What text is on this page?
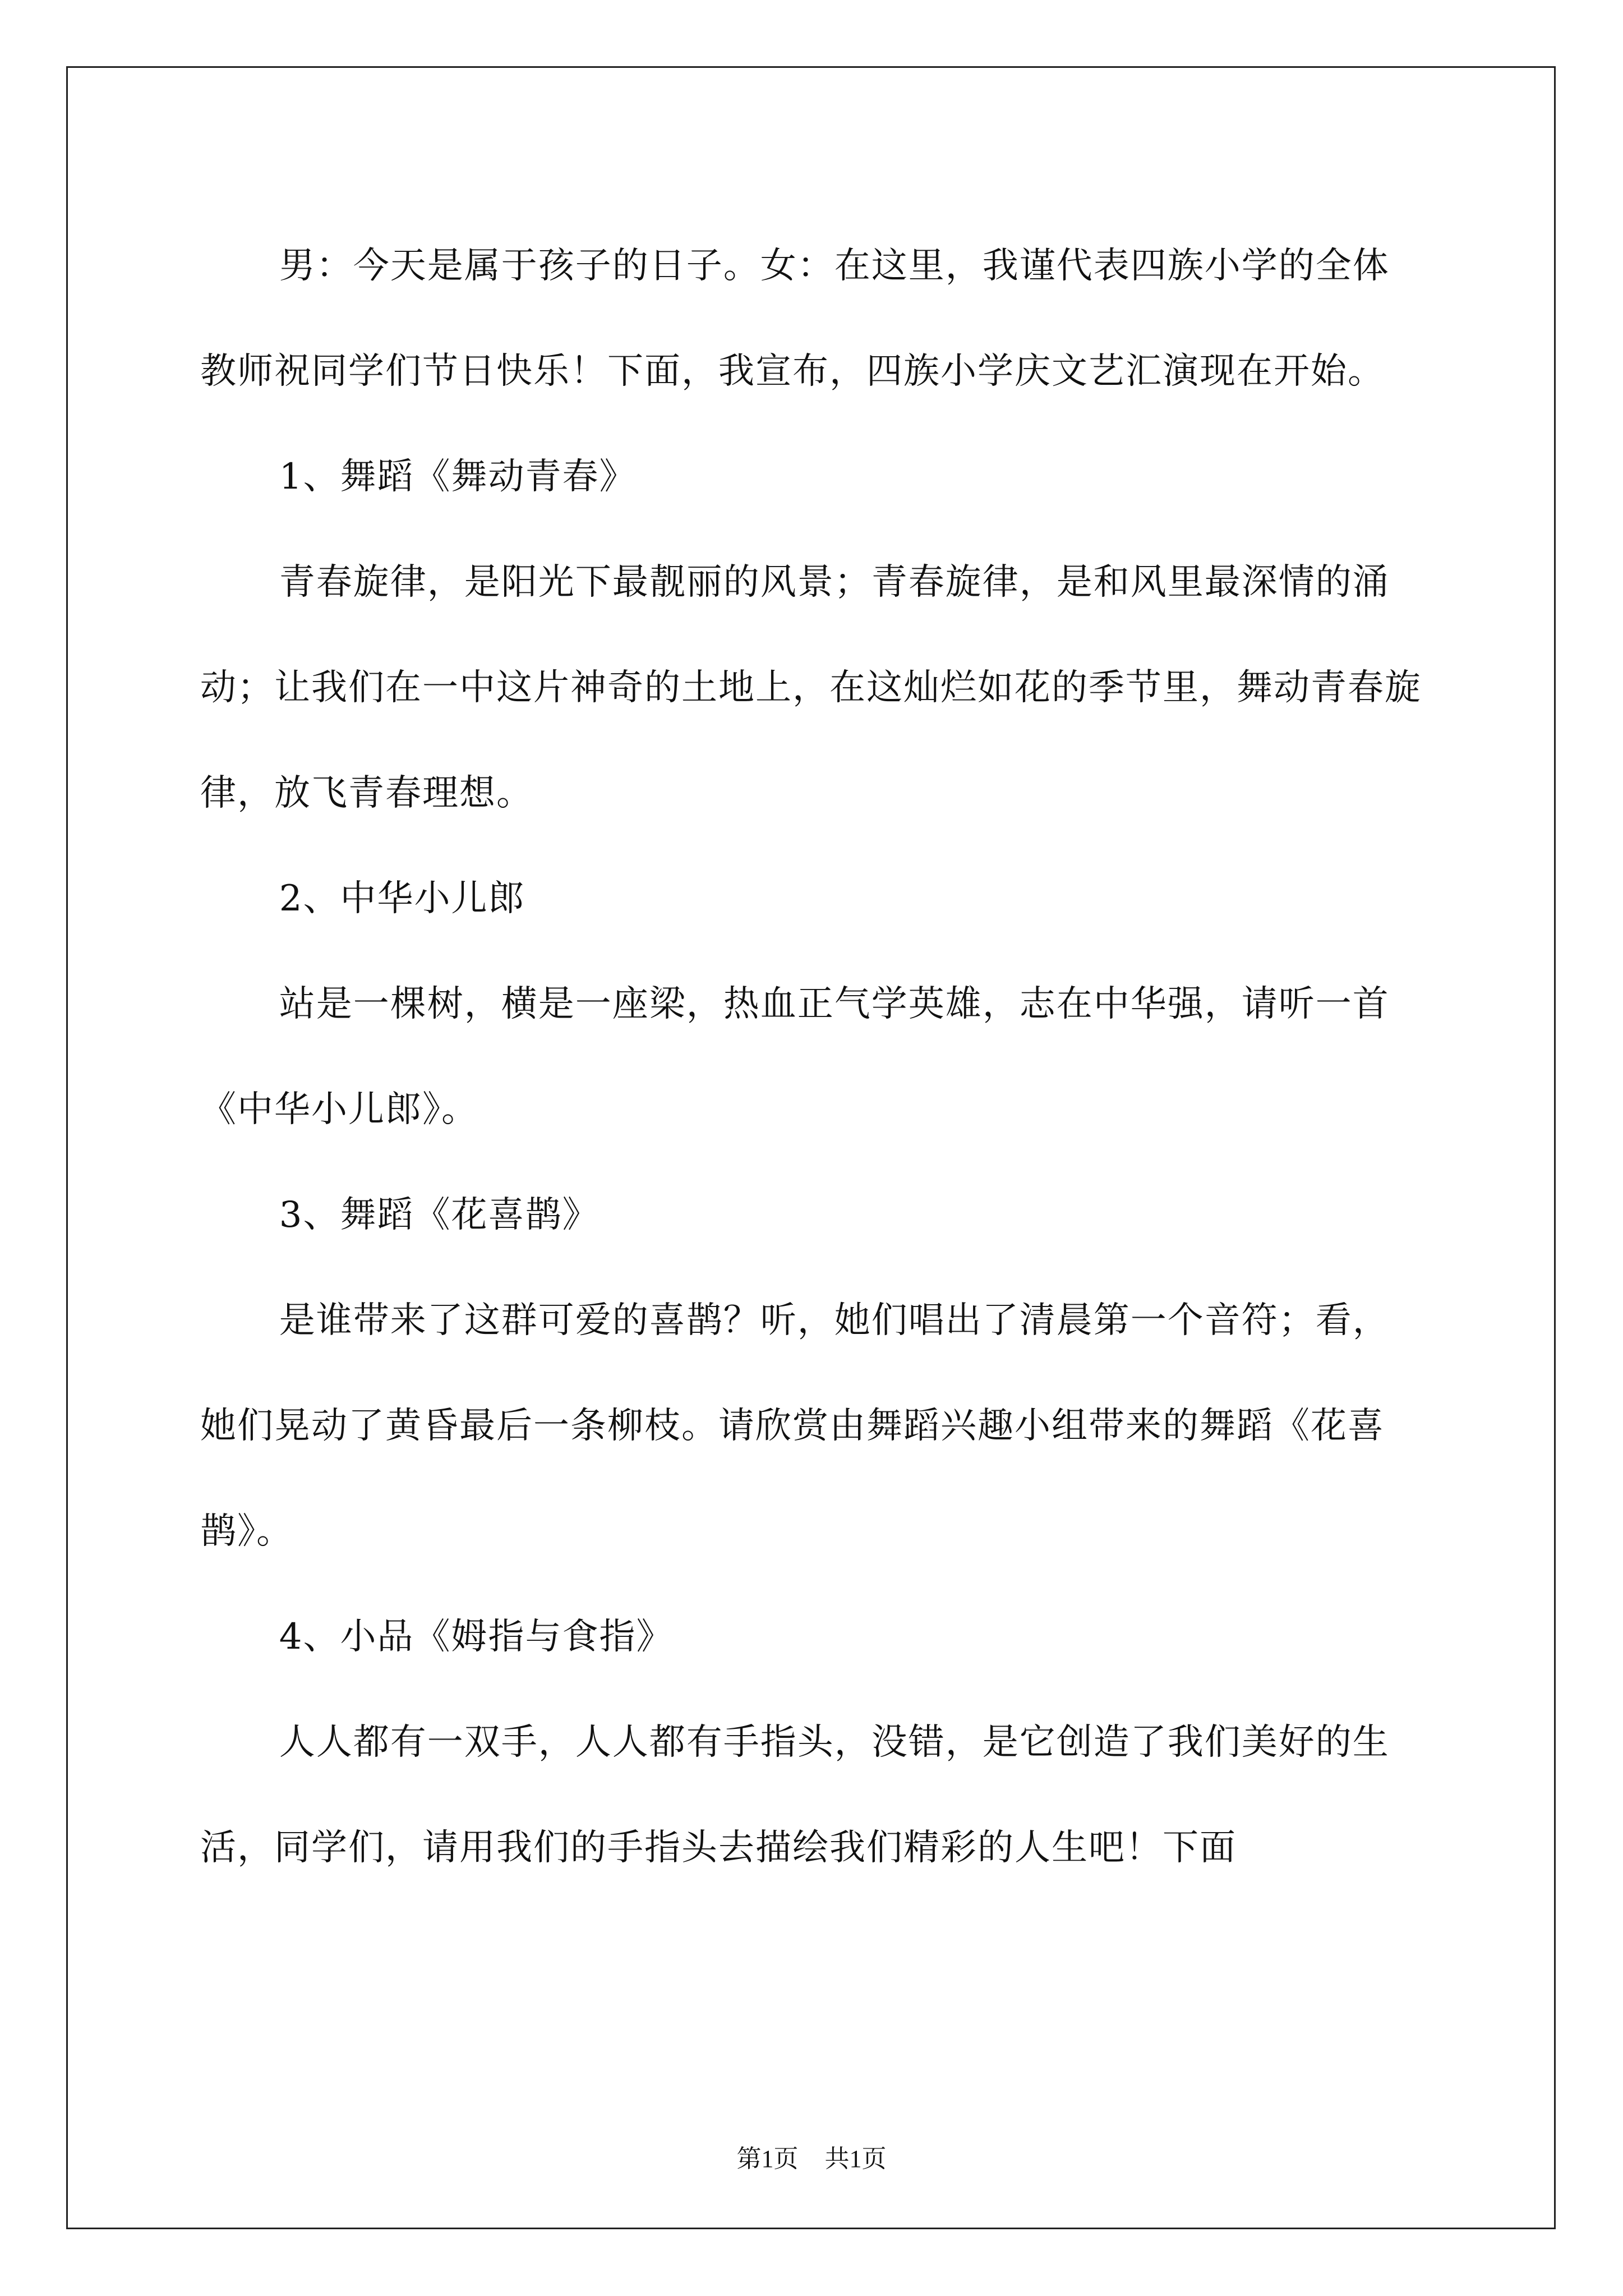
男：今天是属于孩子的日子。女：在这里，我谨代表四族小学的全体教师祝同学们节日快乐！下面，我宣布，四族小学庆文艺汇演现在开始。

1、舞蹈《舞动青春》

青春旋律，是阳光下最靓丽的风景；青春旋律，是和风里最深情的涌动；让我们在一中这片神奇的土地上，在这灿烂如花的季节里，舞动青春旋律，放飞青春理想。

2、中华小儿郎

站是一棵树，横是一座梁，热血正气学英雄，志在中华强，请听一首《中华小儿郎》。

3、舞蹈《花喜鹊》

是谁带来了这群可爱的喜鹊？听，她们唱出了清晨第一个音符；看，她们晃动了黄昏最后一条柳枝。请欣赏由舞蹈兴趣小组带来的舞蹈《花喜鹊》。

4、小品《姆指与食指》

人人都有一双手，人人都有手指头，没错，是它创造了我们美好的生活，同学们，请用我们的手指头去描绘我们精彩的人生吧！下面

第1页 共1页
